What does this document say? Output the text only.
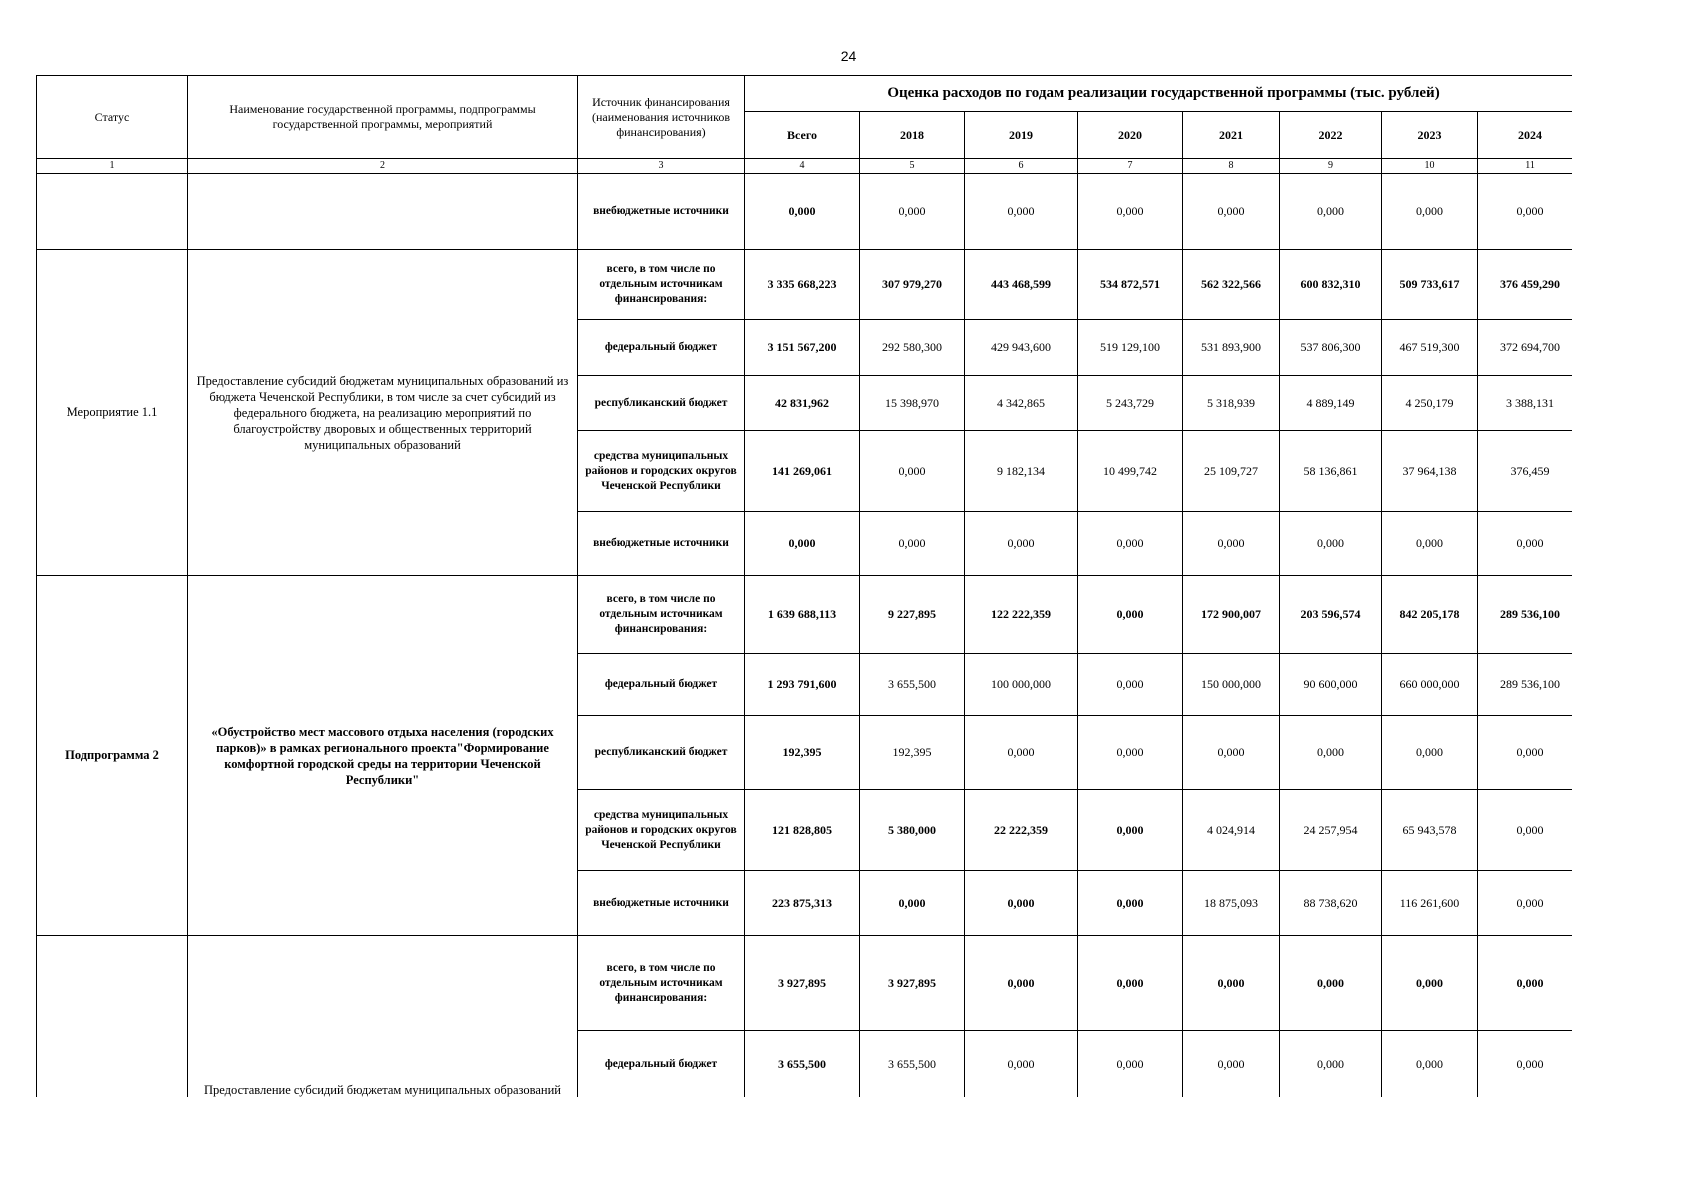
24
Статус	Наименование государственной программы, подпрограммы государственной программы, мероприятий	Источник финансирования (наименования источников финансирования)	Оценка расходов по годам реализации государственной программы (тыс. рублей)							
			Всего	2018	2019	2020	2021	2022	2023	2024
1	2	3	4	5	6	7	8	9	10	11
		внебюджетные источники	0,000	0,000	0,000	0,000	0,000	0,000	0,000	0,000
Мероприятие 1.1	Предоставление субсидий бюджетам муниципальных образований из бюджета Чеченской Республики, в том числе за счет субсидий из федерального бюджета, на реализацию мероприятий по благоустройству дворовых и общественных территорий муниципальных образований	всего, в том числе по отдельным источникам финансирования:	3 335 668,223	307 979,270	443 468,599	534 872,571	562 322,566	600 832,310	509 733,617	376 459,290
		федеральный бюджет	3 151 567,200	292 580,300	429 943,600	519 129,100	531 893,900	537 806,300	467 519,300	372 694,700
		республиканский бюджет	42 831,962	15 398,970	4 342,865	5 243,729	5 318,939	4 889,149	4 250,179	3 388,131
		средства муниципальных районов и городских округов Чеченской Республики	141 269,061	0,000	9 182,134	10 499,742	25 109,727	58 136,861	37 964,138	376,459
		внебюджетные источники	0,000	0,000	0,000	0,000	0,000	0,000	0,000	0,000
Подпрограмма 2	«Обустройство мест массового отдыха населения (городских парков)» в рамках регионального проекта"Формирование комфортной городской среды на территории Чеченской Республики"	всего, в том числе по отдельным источникам финансирования:	1 639 688,113	9 227,895	122 222,359	0,000	172 900,007	203 596,574	842 205,178	289 536,100
		федеральный бюджет	1 293 791,600	3 655,500	100 000,000	0,000	150 000,000	90 600,000	660 000,000	289 536,100
		республиканский бюджет	192,395	192,395	0,000	0,000	0,000	0,000	0,000	0,000
		средства муниципальных районов и городских округов Чеченской Республики	121 828,805	5 380,000	22 222,359	0,000	4 024,914	24 257,954	65 943,578	0,000
		внебюджетные источники	223 875,313	0,000	0,000	0,000	18 875,093	88 738,620	116 261,600	0,000
	Предоставление субсидий бюджетам муниципальных образований	всего, в том числе по отдельным источникам финансирования:	3 927,895	3 927,895	0,000	0,000	0,000	0,000	0,000	0,000
		федеральный бюджет	3 655,500	3 655,500	0,000	0,000	0,000	0,000	0,000	0,000
